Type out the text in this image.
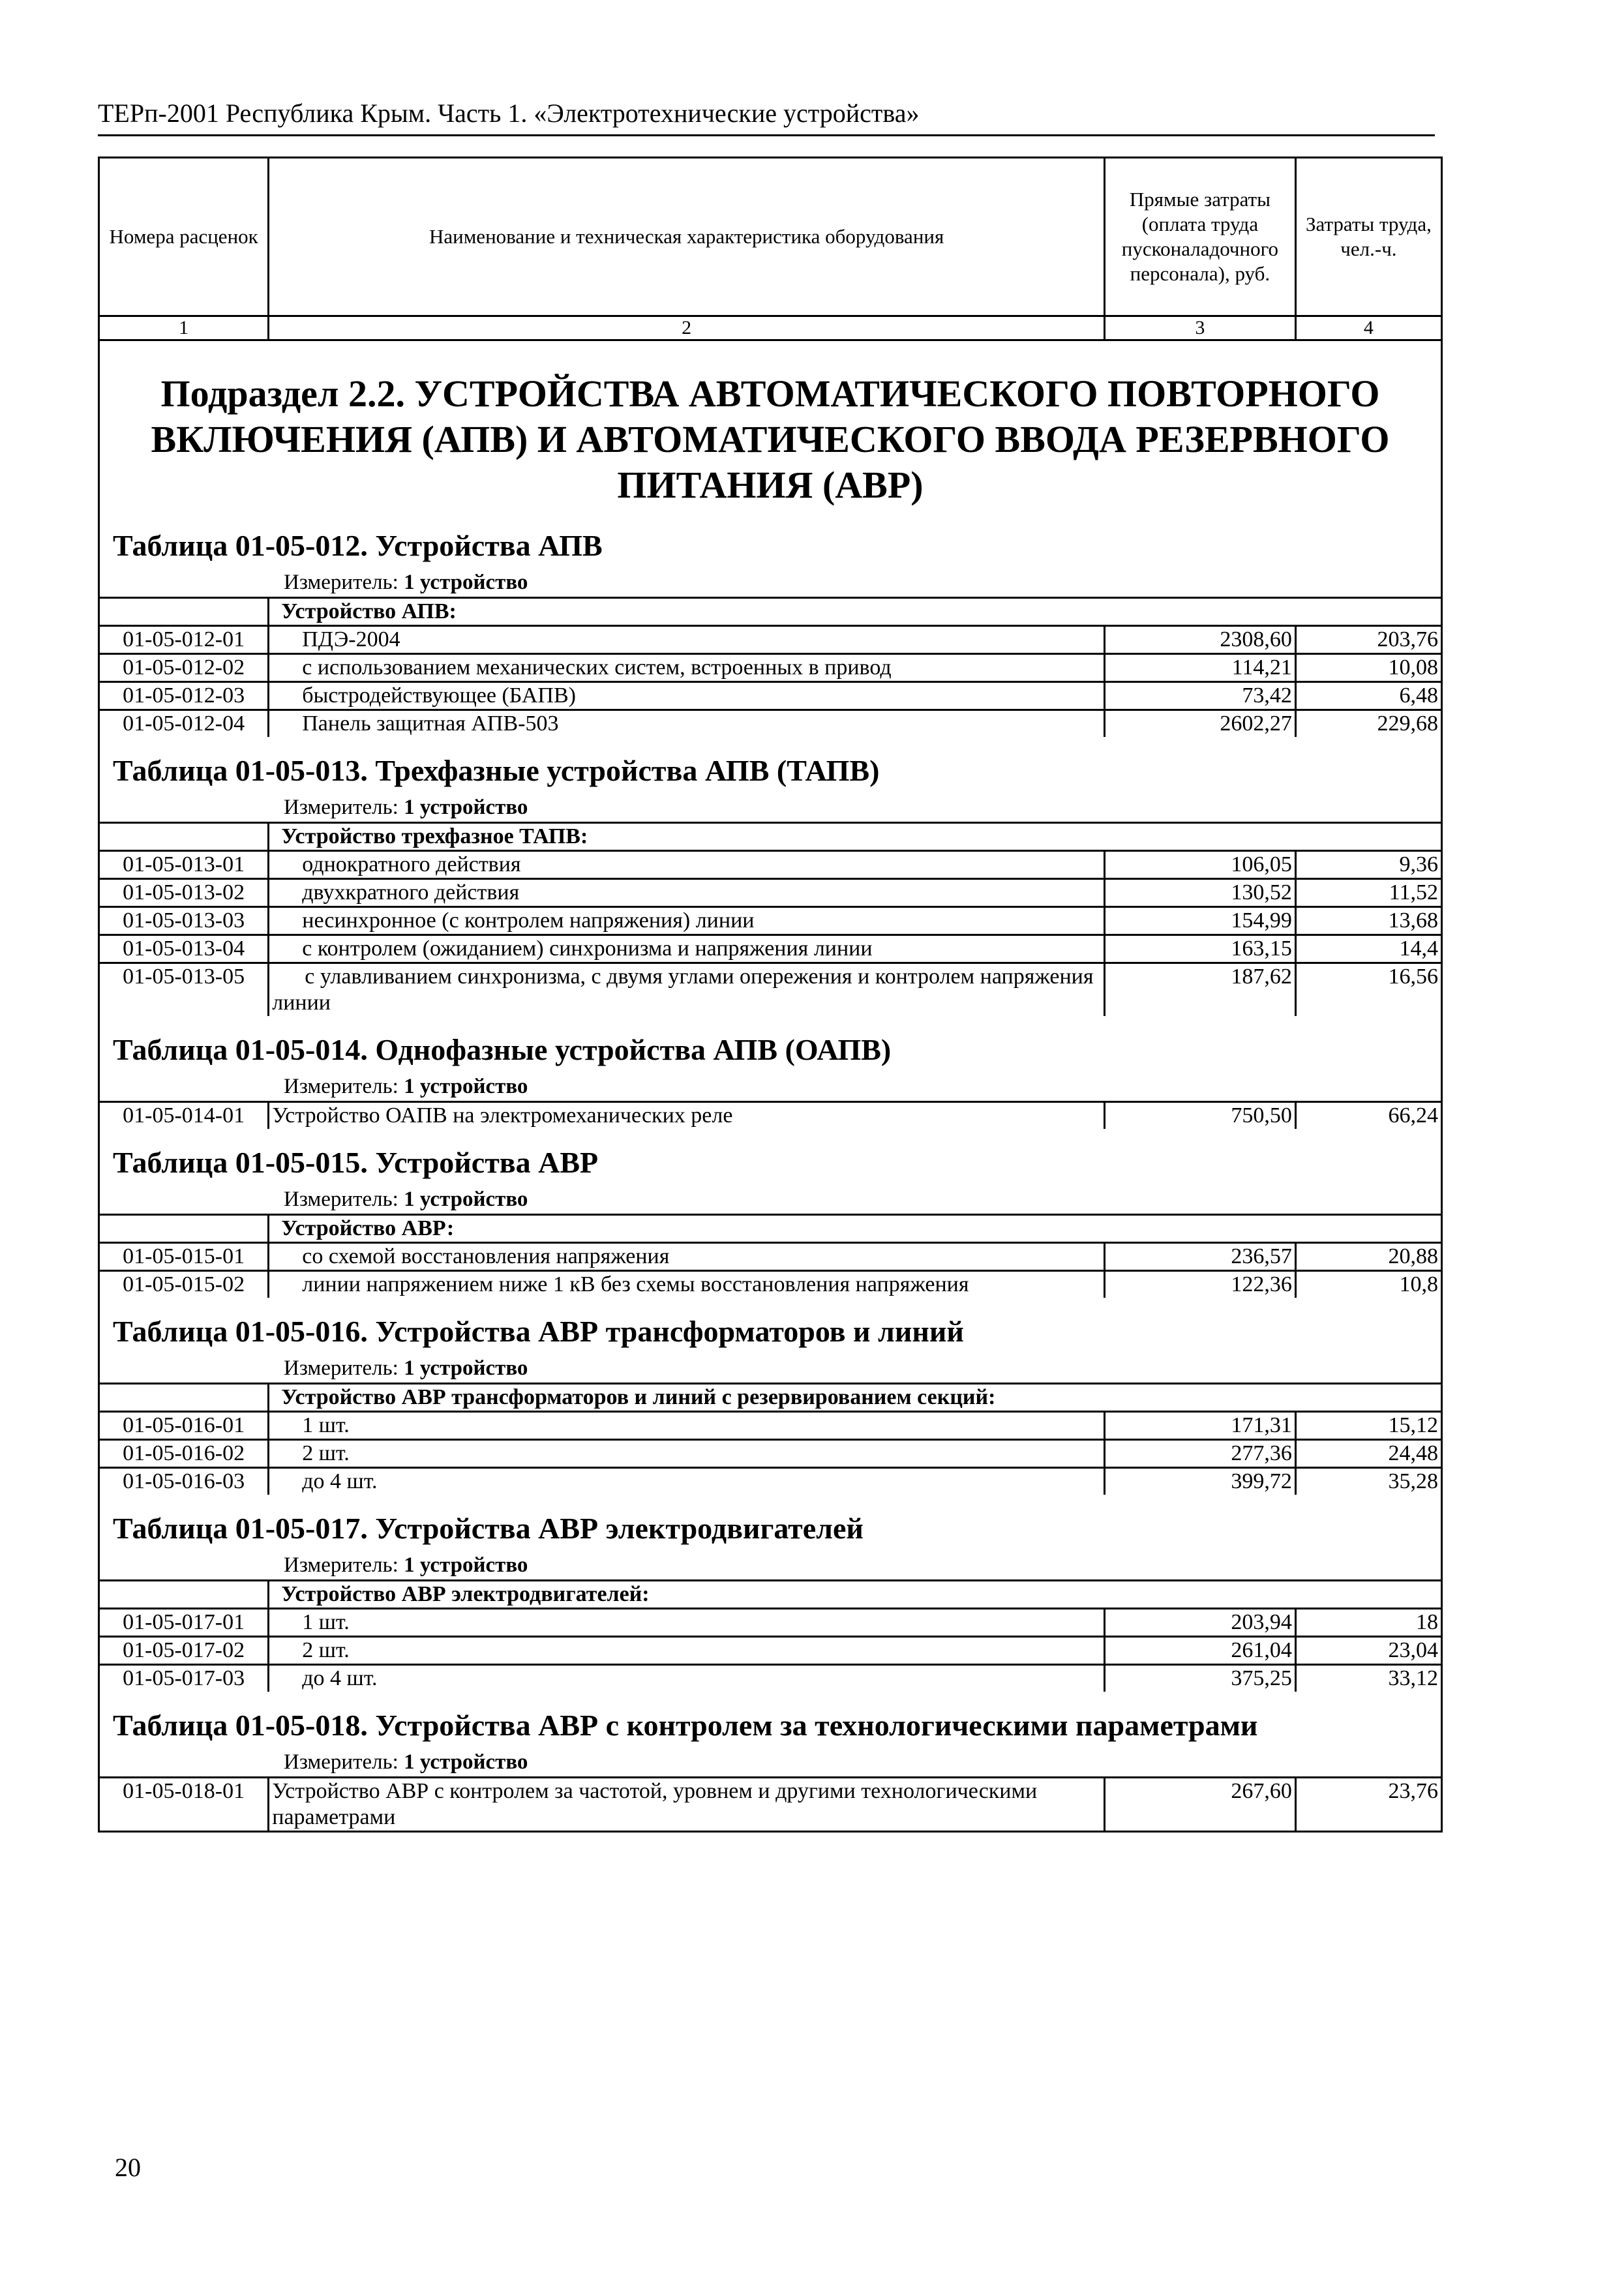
ТЕРп-2001 Республика Крым. Часть 1. «Электротехнические устройства»
Номера расценок	Наименование и техническая характеристика оборудования	Прямые затраты (оплата труда пусконаладочного персонала), руб.	Затраты труда, чел.-ч.
1	2	3	4
Подраздел 2.2. УСТРОЙСТВА АВТОМАТИЧЕСКОГО ПОВТОРНОГО ВКЛЮЧЕНИЯ (АПВ) И АВТОМАТИЧЕСКОГО ВВОДА РЕЗЕРВНОГО ПИТАНИЯ (АВР)
Таблица 01-05-012. Устройства АПВ
Измеритель: 1 устройство
	Устройство АПВ:		
01-05-012-01	ПДЭ-2004	2308,60	203,76
01-05-012-02	с использованием механических систем, встроенных в привод	114,21	10,08
01-05-012-03	быстродействующее (БАПВ)	73,42	6,48
01-05-012-04	Панель защитная АПВ-503	2602,27	229,68
Таблица 01-05-013. Трехфазные устройства АПВ (ТАПВ)
Измеритель: 1 устройство
	Устройство трехфазное ТАПВ:		
01-05-013-01	однократного действия	106,05	9,36
01-05-013-02	двухкратного действия	130,52	11,52
01-05-013-03	несинхронное (с контролем напряжения) линии	154,99	13,68
01-05-013-04	с контролем (ожиданием) синхронизма и напряжения линии	163,15	14,4
01-05-013-05	с улавливанием синхронизма, с двумя углами опережения и контролем напряжения линии	187,62	16,56
Таблица 01-05-014. Однофазные устройства АПВ (ОАПВ)
Измеритель: 1 устройство
01-05-014-01	Устройство ОАПВ на электромеханических реле	750,50	66,24
Таблица 01-05-015. Устройства АВР
Измеритель: 1 устройство
	Устройство АВР:		
01-05-015-01	со схемой восстановления напряжения	236,57	20,88
01-05-015-02	линии напряжением ниже 1 кВ без схемы восстановления напряжения	122,36	10,8
Таблица 01-05-016. Устройства АВР трансформаторов и линий
Измеритель: 1 устройство
	Устройство АВР трансформаторов и линий с резервированием секций:		
01-05-016-01	1 шт.	171,31	15,12
01-05-016-02	2 шт.	277,36	24,48
01-05-016-03	до 4 шт.	399,72	35,28
Таблица 01-05-017. Устройства АВР электродвигателей
Измеритель: 1 устройство
	Устройство АВР электродвигателей:		
01-05-017-01	1 шт.	203,94	18
01-05-017-02	2 шт.	261,04	23,04
01-05-017-03	до 4 шт.	375,25	33,12
Таблица 01-05-018. Устройства АВР с контролем за технологическими параметрами
Измеритель: 1 устройство
01-05-018-01	Устройство АВР с контролем за частотой, уровнем и другими технологическими параметрами	267,60	23,76
20
